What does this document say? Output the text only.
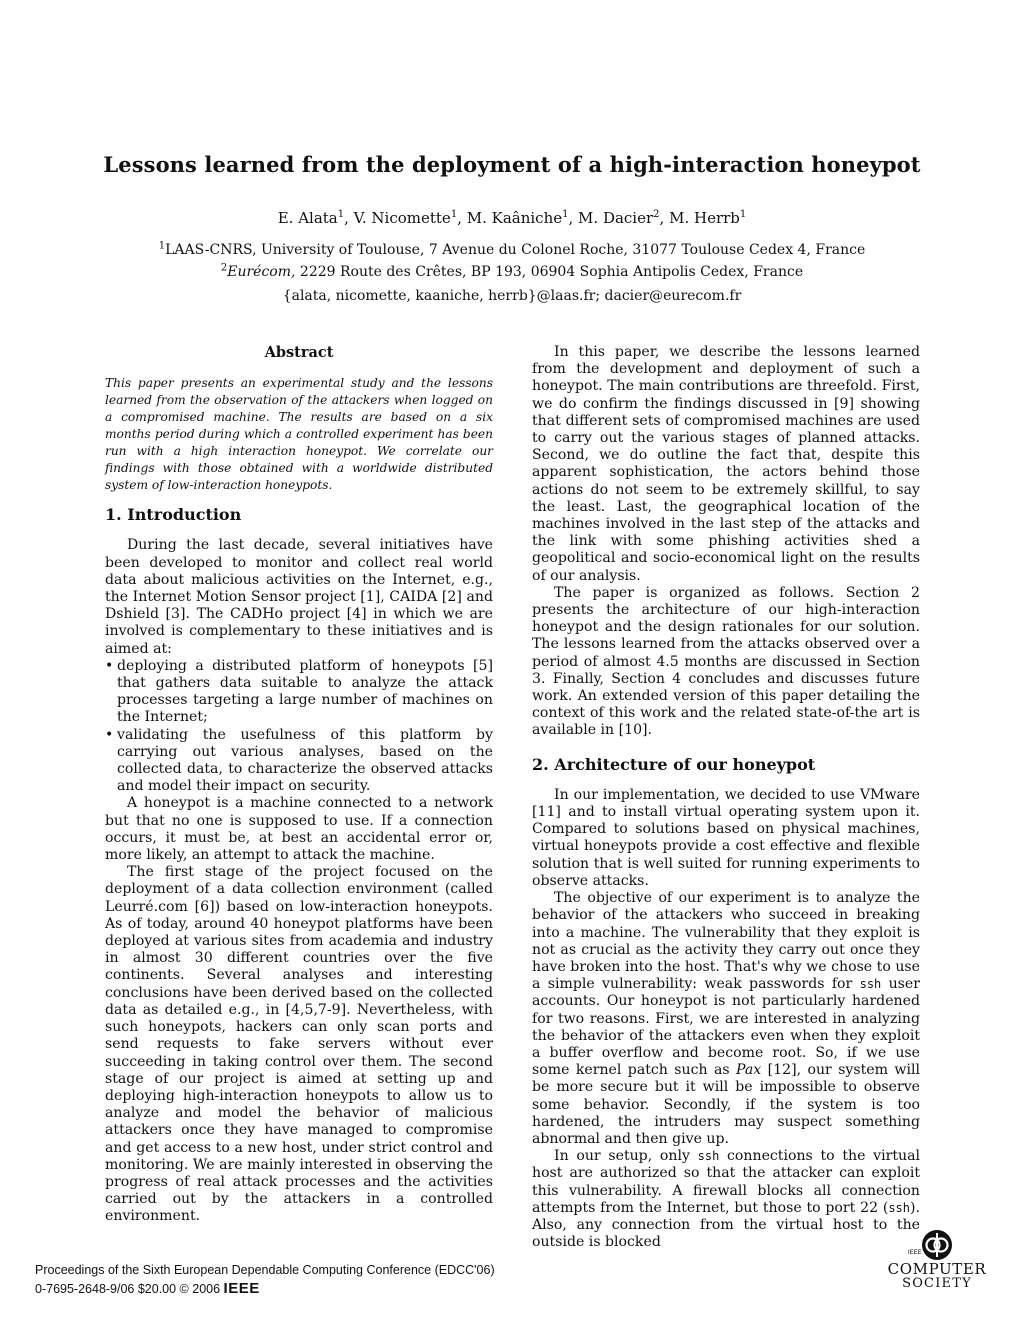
Lessons learned from the deployment of a high-interaction honeypot
E. Alata$^1$, V. Nicomette$^1$, M. Kaâniche$^1$, M. Dacier$^2$, M. Herrb$^1$
$^1$LAAS-CNRS, University of Toulouse, 7 Avenue du Colonel Roche, 31077 Toulouse Cedex 4, France
$^2$Eurécom, 2229 Route des Crêtes, BP 193, 06904 Sophia Antipolis Cedex, France
{alata, nicomette, kaaniche, herrb}@laas.fr; dacier@eurecom.fr
Abstract

This paper presents an experimental study and the lessons learned from the observation of the attackers when logged on a compromised machine. The results are based on a six months period during which a controlled experiment has been run with a high interaction honeypot. We correlate our findings with those obtained with a worldwide distributed system of low-interaction honeypots.

1. Introduction

During the last decade, several initiatives have been developed to monitor and collect real world data about malicious activities on the Internet, e.g., the Internet Motion Sensor project [1], CAIDA [2] and Dshield [3]. The CADHo project [4] in which we are involved is complementary to these initiatives and is aimed at:

• deploying a distributed platform of honeypots [5] that gathers data suitable to analyze the attack processes targeting a large number of machines on the Internet;
• validating the usefulness of this platform by carrying out various analyses, based on the collected data, to characterize the observed attacks and model their impact on security.

A honeypot is a machine connected to a network but that no one is supposed to use. If a connection occurs, it must be, at best an accidental error or, more likely, an attempt to attack the machine.

The first stage of the project focused on the deployment of a data collection environment (called Leurré.com [6]) based on low-interaction honeypots. As of today, around 40 honeypot platforms have been deployed at various sites from academia and industry in almost 30 different countries over the five continents. Several analyses and interesting conclusions have been derived based on the collected data as detailed e.g., in [4,5,7-9]. Nevertheless, with such honeypots, hackers can only scan ports and send requests to fake servers without ever succeeding in taking control over them. The second stage of our project is aimed at setting up and deploying high-interaction honeypots to allow us to analyze and model the behavior of malicious attackers once they have managed to compromise and get access to a new host, under strict control and monitoring. We are mainly interested in observing the progress of real attack processes and the activities carried out by the attackers in a controlled environment.

In this paper, we describe the lessons learned from the development and deployment of such a honeypot. The main contributions are threefold. First, we do confirm the findings discussed in [9] showing that different sets of compromised machines are used to carry out the various stages of planned attacks. Second, we do outline the fact that, despite this apparent sophistication, the actors behind those actions do not seem to be extremely skillful, to say the least. Last, the geographical location of the machines involved in the last step of the attacks and the link with some phishing activities shed a geopolitical and socio-economical light on the results of our analysis.

The paper is organized as follows. Section 2 presents the architecture of our high-interaction honeypot and the design rationales for our solution. The lessons learned from the attacks observed over a period of almost 4.5 months are discussed in Section 3. Finally, Section 4 concludes and discusses future work. An extended version of this paper detailing the context of this work and the related state-of-the art is available in [10].

2. Architecture of our honeypot

In our implementation, we decided to use VMware [11] and to install virtual operating system upon it. Compared to solutions based on physical machines, virtual honeypots provide a cost effective and flexible solution that is well suited for running experiments to observe attacks.

The objective of our experiment is to analyze the behavior of the attackers who succeed in breaking into a machine. The vulnerability that they exploit is not as crucial as the activity they carry out once they have broken into the host. That's why we chose to use a simple vulnerability: weak passwords for ssh user accounts. Our honeypot is not particularly hardened for two reasons. First, we are interested in analyzing the behavior of the attackers even when they exploit a buffer overflow and become root. So, if we use some kernel patch such as Pax [12], our system will be more secure but it will be impossible to observe some behavior. Secondly, if the system is too hardened, the intruders may suspect something abnormal and then give up.

In our setup, only ssh connections to the virtual host are authorized so that the attacker can exploit this vulnerability. A firewall blocks all connection attempts from the Internet, but those to port 22 (ssh). Also, any connection from the virtual host to the outside is blocked

Proceedings of the Sixth European Dependable Computing Conference (EDCC'06)
0-7695-2648-9/06 $20.00 © 2006 IEEE
IEEE
COMPUTER
SOCIETY
